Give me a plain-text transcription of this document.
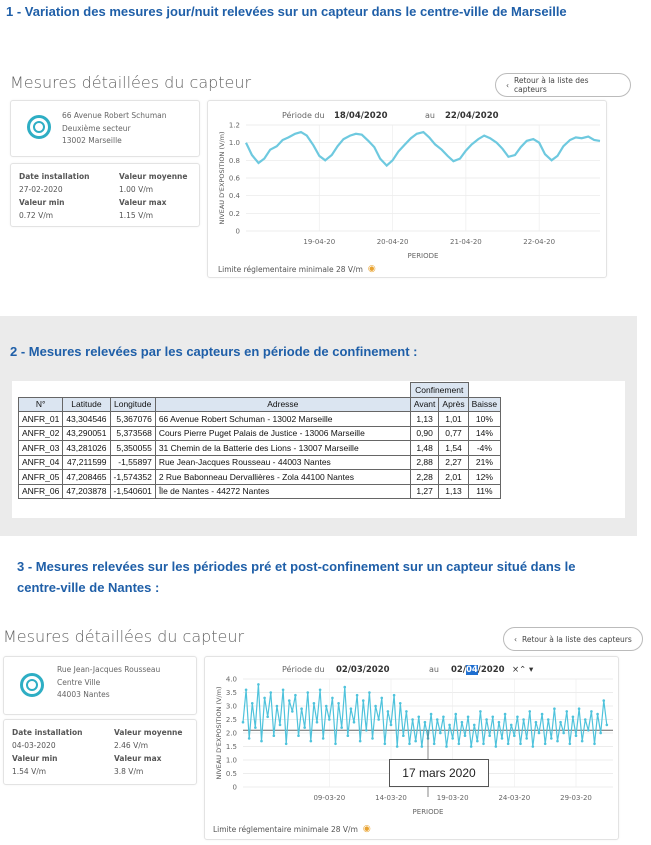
1 - Variation des mesures jour/nuit relevées sur un capteur dans le centre-ville de Marseille
Mesures détaillées du capteur	‹ Retour à la liste des capteurs
66 Avenue Robert Schuman
Deuxième secteur
13002 Marseille
Date installation
27-02-2020
Valeur min
0.72 V/m
Valeur moyenne
1.00 V/m
Valeur max
1.15 V/m
Période du 18/04/2020	au 22/04/2020
1.2
1.0
0.8
0.6
0.4
0.2
0
19-04-20	20-04-20	21-04-20	22-04-20
PERIODE
NIVEAU D'EXPOSITION (V/m)
Limite réglementaire minimale 28 V/m ◉
2 - Mesures relevées par les capteurs en période de confinement :
				Confinement		
N°	Latitude	Longitude	Adresse	Avant	Après	Baisse
ANFR_01	43,304546	5,367076	66 Avenue Robert Schuman - 13002 Marseille	1,13	1,01	10%
ANFR_02	43,290051	5,373568	Cours Pierre Puget Palais de Justice - 13006 Marseille	0,90	0,77	14%
ANFR_03	43,281026	5,350055	31 Chemin de la Batterie des Lions - 13007 Marseille	1,48	1,54	-4%
ANFR_04	47,211599	-1,55897	Rue Jean-Jacques Rousseau - 44003 Nantes	2,88	2,27	21%
ANFR_05	47,208465	-1,574352	2 Rue Babonneau Dervallières - Zola 44100 Nantes	2,28	2,01	12%
ANFR_06	47,203878	-1,540601	Île de Nantes - 44272 Nantes	1,27	1,13	11%
3 - Mesures relevées sur les périodes pré et post-confinement sur un capteur situé dans le centre-ville de Nantes :
Mesures détaillées du capteur	‹ Retour à la liste des capteurs
Rue Jean-Jacques Rousseau
Centre Ville
44003 Nantes
Date installation
04-03-2020
Valeur min
1.54 V/m
Valeur moyenne
2.46 V/m
Valeur max
3.8 V/m
Période du 02/03/2020	au 02/04/2020 ×⌃ ▾
4.0
3.5
3.0
2.5
2.0
1.5
1.0
0.5
0
09-03-20	14-03-20	19-03-20	24-03-20	29-03-20
PERIODE
NIVEAU D'EXPOSITION (V/m)	17 mars 2020
Limite réglementaire minimale 28 V/m ◉
